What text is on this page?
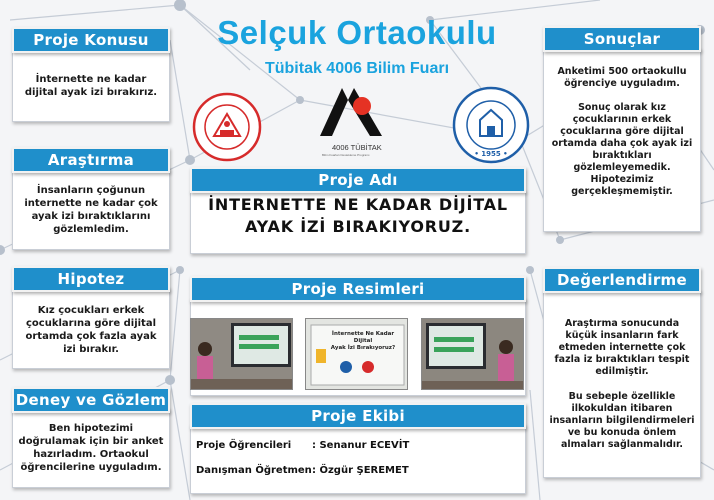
Selçuk Ortaokulu
Tübitak 4006 Bilim Fuarı
4006 TÜBİTAK
Bilim Fuarları Destekleme Programı	• 1955 •
Proje Konusu
İnternette ne kadar dijital ayak izi bırakırız.
Araştırma
İnsanların çoğunun internette ne kadar çok ayak izi bıraktıklarını gözlemledim.
Hipotez
Kız çocukları erkek çocuklarına göre dijital ortamda çok fazla ayak izi bırakır.
Deney ve Gözlem
Ben hipotezimi doğrulamak için bir anket hazırladım. Ortaokul öğrencilerine uyguladım.
Proje Adı
İNTERNETTE NE KADAR DİJİTAL
AYAK İZİ BIRAKIYORUZ.
Proje Resimleri
İnternette Ne Kadar Dijital
Ayak İzi Bırakıyoruz?
Proje Ekibi
Proje Öğrencileri : Senanur ECEVİT
Danışman Öğretmen: Özgür ŞEREMET
Sonuçlar
Anketimi 500 ortaokullu öğrenciye uyguladım.
Sonuç olarak kız çocuklarının erkek çocuklarına göre dijital ortamda daha çok ayak izi bıraktıkları gözlemleyemedik. Hipotezimiz gerçekleşmemiştir.
Değerlendirme
Araştırma sonucunda küçük insanların fark etmeden internette çok fazla iz bıraktıkları tespit edilmiştir.
Bu sebeple özellikle ilkokuldan itibaren insanların bilgilendirmeleri ve bu konuda önlem almaları sağlanmalıdır.
